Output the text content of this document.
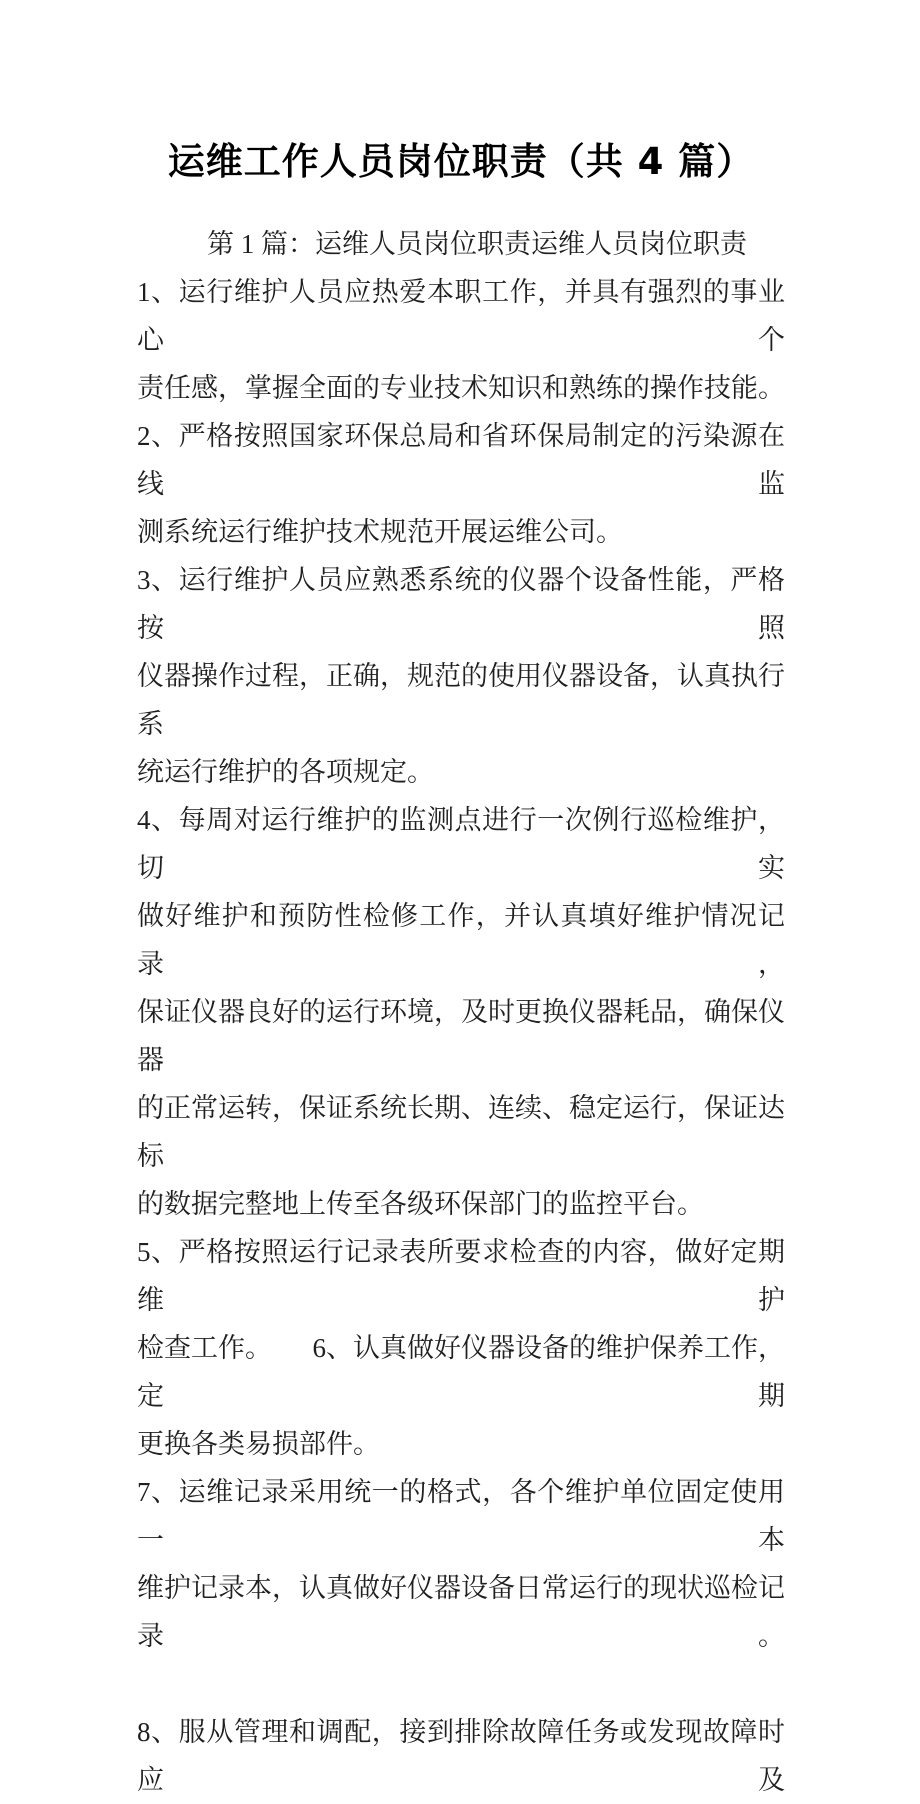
运维工作人员岗位职责（共 4 篇）
第 1 篇：运维人员岗位职责运维人员岗位职责
1、运行维护人员应热爱本职工作，并具有强烈的事业心个
责任感，掌握全面的专业技术知识和熟练的操作技能。
2、严格按照国家环保总局和省环保局制定的污染源在线监
测系统运行维护技术规范开展运维公司。
3、运行维护人员应熟悉系统的仪器个设备性能，严格按照
仪器操作过程，正确，规范的使用仪器设备，认真执行系
统运行维护的各项规定。
4、每周对运行维护的监测点进行一次例行巡检维护，切实
做好维护和预防性检修工作，并认真填好维护情况记录，
保证仪器良好的运行环境，及时更换仪器耗品，确保仪器
的正常运转，保证系统长期、连续、稳定运行，保证达标
的数据完整地上传至各级环保部门的监控平台。
5、严格按照运行记录表所要求检查的内容，做好定期维护
检查工作。　　6、认真做好仪器设备的维护保养工作，定期
更换各类易损部件。
7、运维记录采用统一的格式，各个维护单位固定使用一本
维护记录本，认真做好仪器设备日常运行的现状巡检记录。
8、服从管理和调配，接到排除故障任务或发现故障时应及
